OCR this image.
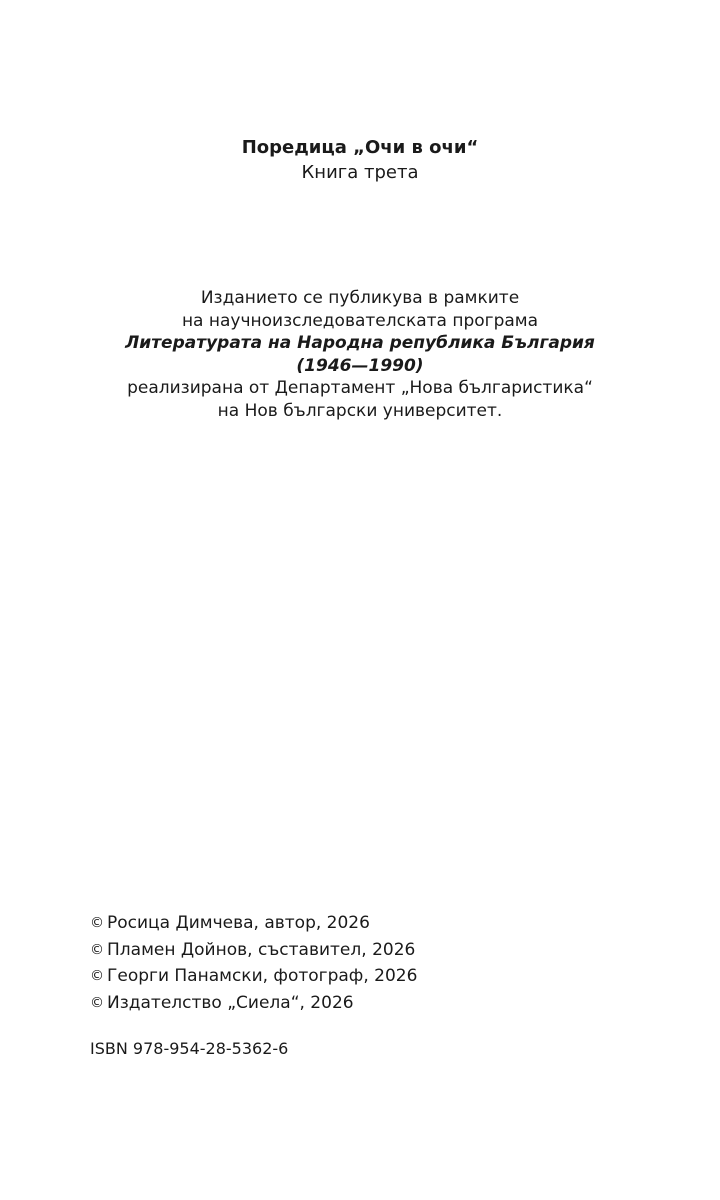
Поредица „Очи в очи“
Книга трета
Изданието се публикува в рамките
на научноизследователската програма
Литературата на Народна република България
(1946—1990)
реализирана от Департамент „Нова българистика“
на Нов български университет.
© Росица Димчева, автор, 2026
© Пламен Дойнов, съставител, 2026
© Георги Панамски, фотограф, 2026
© Издателство „Сиела“, 2026
ISBN 978-954-28-5362-6
